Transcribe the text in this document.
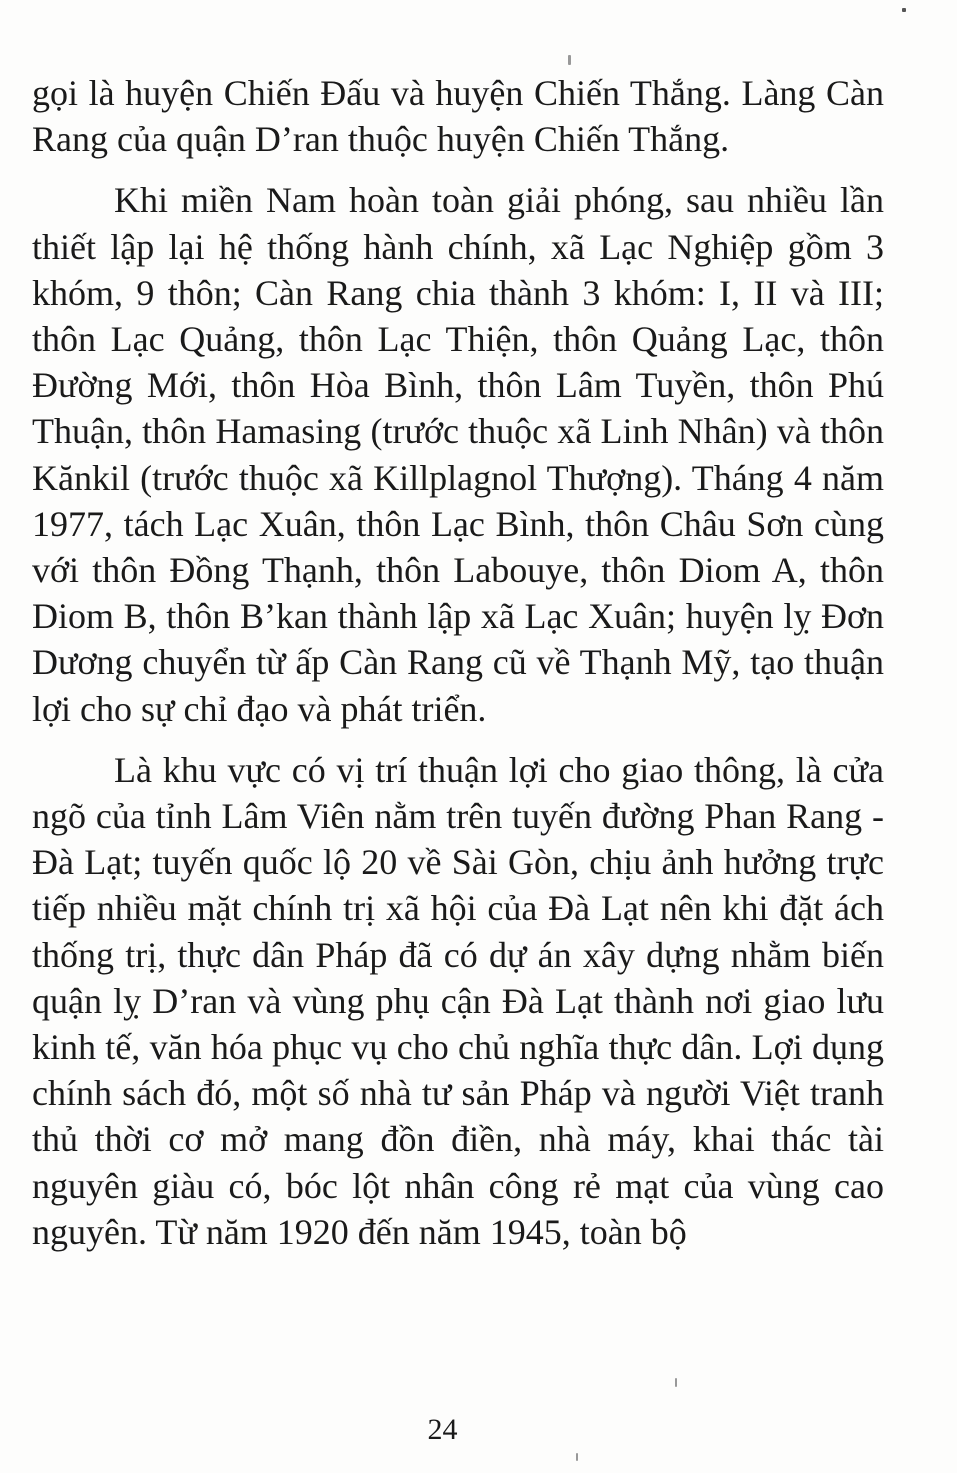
gọi là huyện Chiến Đấu và huyện Chiến Thắng. Làng Càn Rang của quận D’ran thuộc huyện Chiến Thắng.

Khi miền Nam hoàn toàn giải phóng, sau nhiều lần thiết lập lại hệ thống hành chính, xã Lạc Nghiệp gồm 3 khóm, 9 thôn; Càn Rang chia thành 3 khóm: I, II và III; thôn Lạc Quảng, thôn Lạc Thiện, thôn Quảng Lạc, thôn Đường Mới, thôn Hòa Bình, thôn Lâm Tuyền, thôn Phú Thuận, thôn Hamasing (trước thuộc xã Linh Nhân) và thôn Kănkil (trước thuộc xã Killplagnol Thượng). Tháng 4 năm 1977, tách Lạc Xuân, thôn Lạc Bình, thôn Châu Sơn cùng với thôn Đồng Thạnh, thôn Labouye, thôn Diom A, thôn Diom B, thôn B’kan thành lập xã Lạc Xuân; huyện lỵ Đơn Dương chuyển từ ấp Càn Rang cũ về Thạnh Mỹ, tạo thuận lợi cho sự chỉ đạo và phát triển.

Là khu vực có vị trí thuận lợi cho giao thông, là cửa ngõ của tỉnh Lâm Viên nằm trên tuyến đường Phan Rang - Đà Lạt; tuyến quốc lộ 20 về Sài Gòn, chịu ảnh hưởng trực tiếp nhiều mặt chính trị xã hội của Đà Lạt nên khi đặt ách thống trị, thực dân Pháp đã có dự án xây dựng nhằm biến quận lỵ D’ran và vùng phụ cận Đà Lạt thành nơi giao lưu kinh tế, văn hóa phục vụ cho chủ nghĩa thực dân. Lợi dụng chính sách đó, một số nhà tư sản Pháp và người Việt tranh thủ thời cơ mở mang đồn điền, nhà máy, khai thác tài nguyên giàu có, bóc lột nhân công rẻ mạt của vùng cao nguyên. Từ năm 1920 đến năm 1945, toàn bộ

24
